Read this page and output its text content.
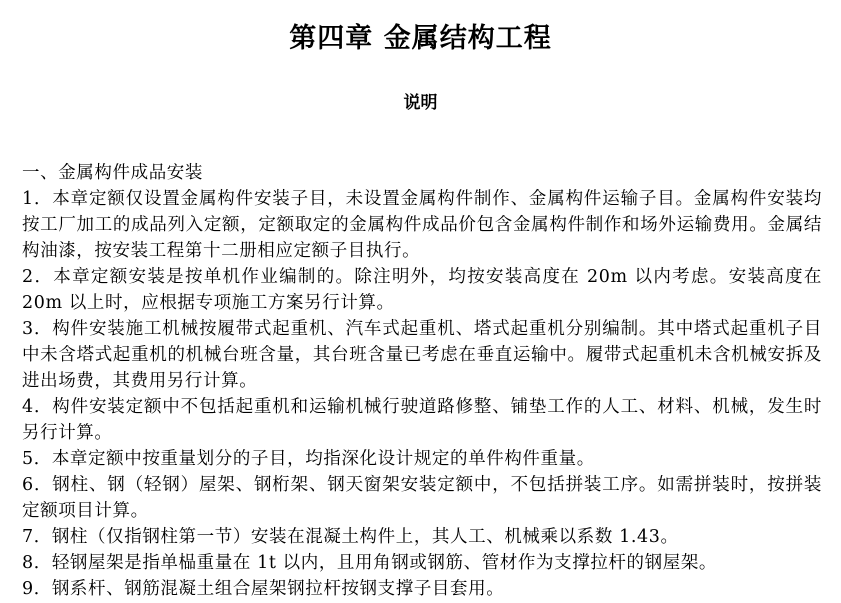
第四章 金属结构工程
说明
一、金属构件成品安装

1．本章定额仅设置金属构件安装子目，未设置金属构件制作、金属构件运输子目。金属构件安装均按工厂加工的成品列入定额，定额取定的金属构件成品价包含金属构件制作和场外运输费用。金属结构油漆，按安装工程第十二册相应定额子目执行。

2．本章定额安装是按单机作业编制的。除注明外，均按安装高度在 20m 以内考虑。安装高度在 20m 以上时，应根据专项施工方案另行计算。

3．构件安装施工机械按履带式起重机、汽车式起重机、塔式起重机分别编制。其中塔式起重机子目中未含塔式起重机的机械台班含量，其台班含量已考虑在垂直运输中。履带式起重机未含机械安拆及进出场费，其费用另行计算。

4．构件安装定额中不包括起重机和运输机械行驶道路修整、铺垫工作的人工、材料、机械，发生时另行计算。

5．本章定额中按重量划分的子目，均指深化设计规定的单件构件重量。

6．钢柱、钢（轻钢）屋架、钢桁架、钢天窗架安装定额中，不包括拼装工序。如需拼装时，按拼装定额项目计算。

7．钢柱（仅指钢柱第一节）安装在混凝土构件上，其人工、机械乘以系数 1.43。

8．轻钢屋架是指单榀重量在 1t 以内，且用角钢或钢筋、管材作为支撑拉杆的钢屋架。

9．钢系杆、钢筋混凝土组合屋架钢拉杆按钢支撑子目套用。
